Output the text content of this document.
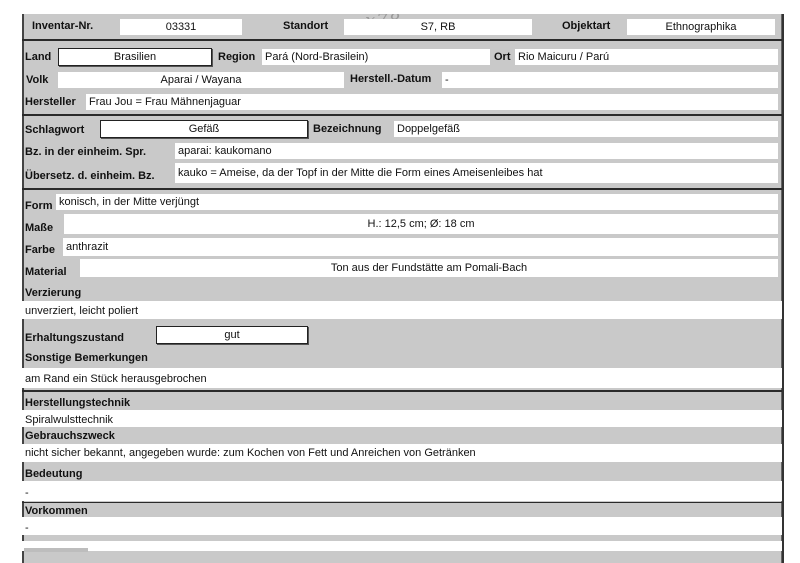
Inventar-Nr.	03331	Standort	S7, RB	Objektart	Ethnographika
Land	Brasilien	Region Pará (Nord-Brasilein)	Ort Rio Maicuru / Parú
Volk	Aparai / Wayana	Herstell.-Datum -
Hersteller Frau Jou = Frau Mähnenjaguar
Schlagwort	Gefäß	Bezeichnung Doppelgefäß
Bz. in der einheim. Spr.	aparai: kaukomano
Übersetz. d. einheim. Bz. kauko = Ameise, da der Topf in der Mitte die Form eines Ameisenleibes hat
Form konisch, in der Mitte verjüngt
Maße	H.: 12,5 cm; Ø: 18 cm
Farbe anthrazit
Material	Ton aus der Fundstätte am Pomali-Bach
Verzierung
unverziert, leicht poliert
Erhaltungszustand	gut
Sonstige Bemerkungen
am Rand ein Stück herausgebrochen
Herstellungstechnik
Spiralwulsttechnik
Gebrauchszweck
nicht sicher bekannt, angegeben wurde: zum Kochen von Fett und Anreichen von Getränken
Bedeutung
-
Vorkommen
-
